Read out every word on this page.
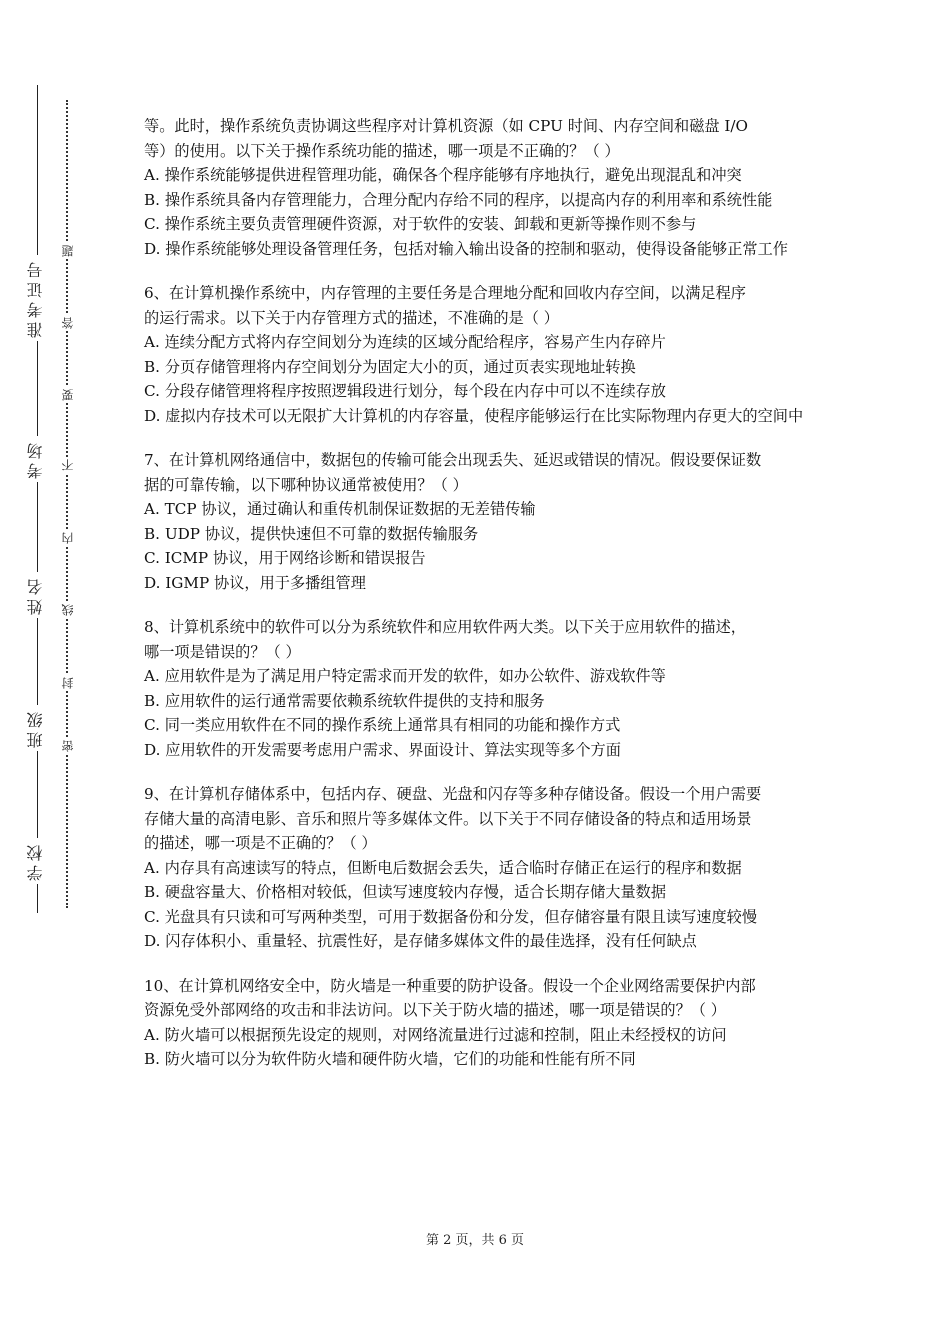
学校
班级
姓名
考场
准考证号
密
封
线
内
不
要
答
题
等。此时，操作系统负责协调这些程序对计算机资源（如 CPU 时间、内存空间和磁盘 I/O
等）的使用。以下关于操作系统功能的描述，哪一项是不正确的？（ ）
A. 操作系统能够提供进程管理功能，确保各个程序能够有序地执行，避免出现混乱和冲突
B. 操作系统具备内存管理能力，合理分配内存给不同的程序，以提高内存的利用率和系统性能
C. 操作系统主要负责管理硬件资源，对于软件的安装、卸载和更新等操作则不参与
D. 操作系统能够处理设备管理任务，包括对输入输出设备的控制和驱动，使得设备能够正常工作
6、在计算机操作系统中，内存管理的主要任务是合理地分配和回收内存空间，以满足程序
的运行需求。以下关于内存管理方式的描述，不准确的是（ ）
A. 连续分配方式将内存空间划分为连续的区域分配给程序，容易产生内存碎片
B. 分页存储管理将内存空间划分为固定大小的页，通过页表实现地址转换
C. 分段存储管理将程序按照逻辑段进行划分，每个段在内存中可以不连续存放
D. 虚拟内存技术可以无限扩大计算机的内存容量，使程序能够运行在比实际物理内存更大的空间中
7、在计算机网络通信中，数据包的传输可能会出现丢失、延迟或错误的情况。假设要保证数
据的可靠传输，以下哪种协议通常被使用？（ ）
A. TCP 协议，通过确认和重传机制保证数据的无差错传输
B. UDP 协议，提供快速但不可靠的数据传输服务
C. ICMP 协议，用于网络诊断和错误报告
D. IGMP 协议，用于多播组管理
8、计算机系统中的软件可以分为系统软件和应用软件两大类。以下关于应用软件的描述，
哪一项是错误的？（ ）
A. 应用软件是为了满足用户特定需求而开发的软件，如办公软件、游戏软件等
B. 应用软件的运行通常需要依赖系统软件提供的支持和服务
C. 同一类应用软件在不同的操作系统上通常具有相同的功能和操作方式
D. 应用软件的开发需要考虑用户需求、界面设计、算法实现等多个方面
9、在计算机存储体系中，包括内存、硬盘、光盘和闪存等多种存储设备。假设一个用户需要
存储大量的高清电影、音乐和照片等多媒体文件。以下关于不同存储设备的特点和适用场景
的描述，哪一项是不正确的？（ ）
A. 内存具有高速读写的特点，但断电后数据会丢失，适合临时存储正在运行的程序和数据
B. 硬盘容量大、价格相对较低，但读写速度较内存慢，适合长期存储大量数据
C. 光盘具有只读和可写两种类型，可用于数据备份和分发，但存储容量有限且读写速度较慢
D. 闪存体积小、重量轻、抗震性好，是存储多媒体文件的最佳选择，没有任何缺点
10、在计算机网络安全中，防火墙是一种重要的防护设备。假设一个企业网络需要保护内部
资源免受外部网络的攻击和非法访问。以下关于防火墙的描述，哪一项是错误的？（ ）
A. 防火墙可以根据预先设定的规则，对网络流量进行过滤和控制，阻止未经授权的访问
B. 防火墙可以分为软件防火墙和硬件防火墙，它们的功能和性能有所不同
第 2 页，共 6 页
